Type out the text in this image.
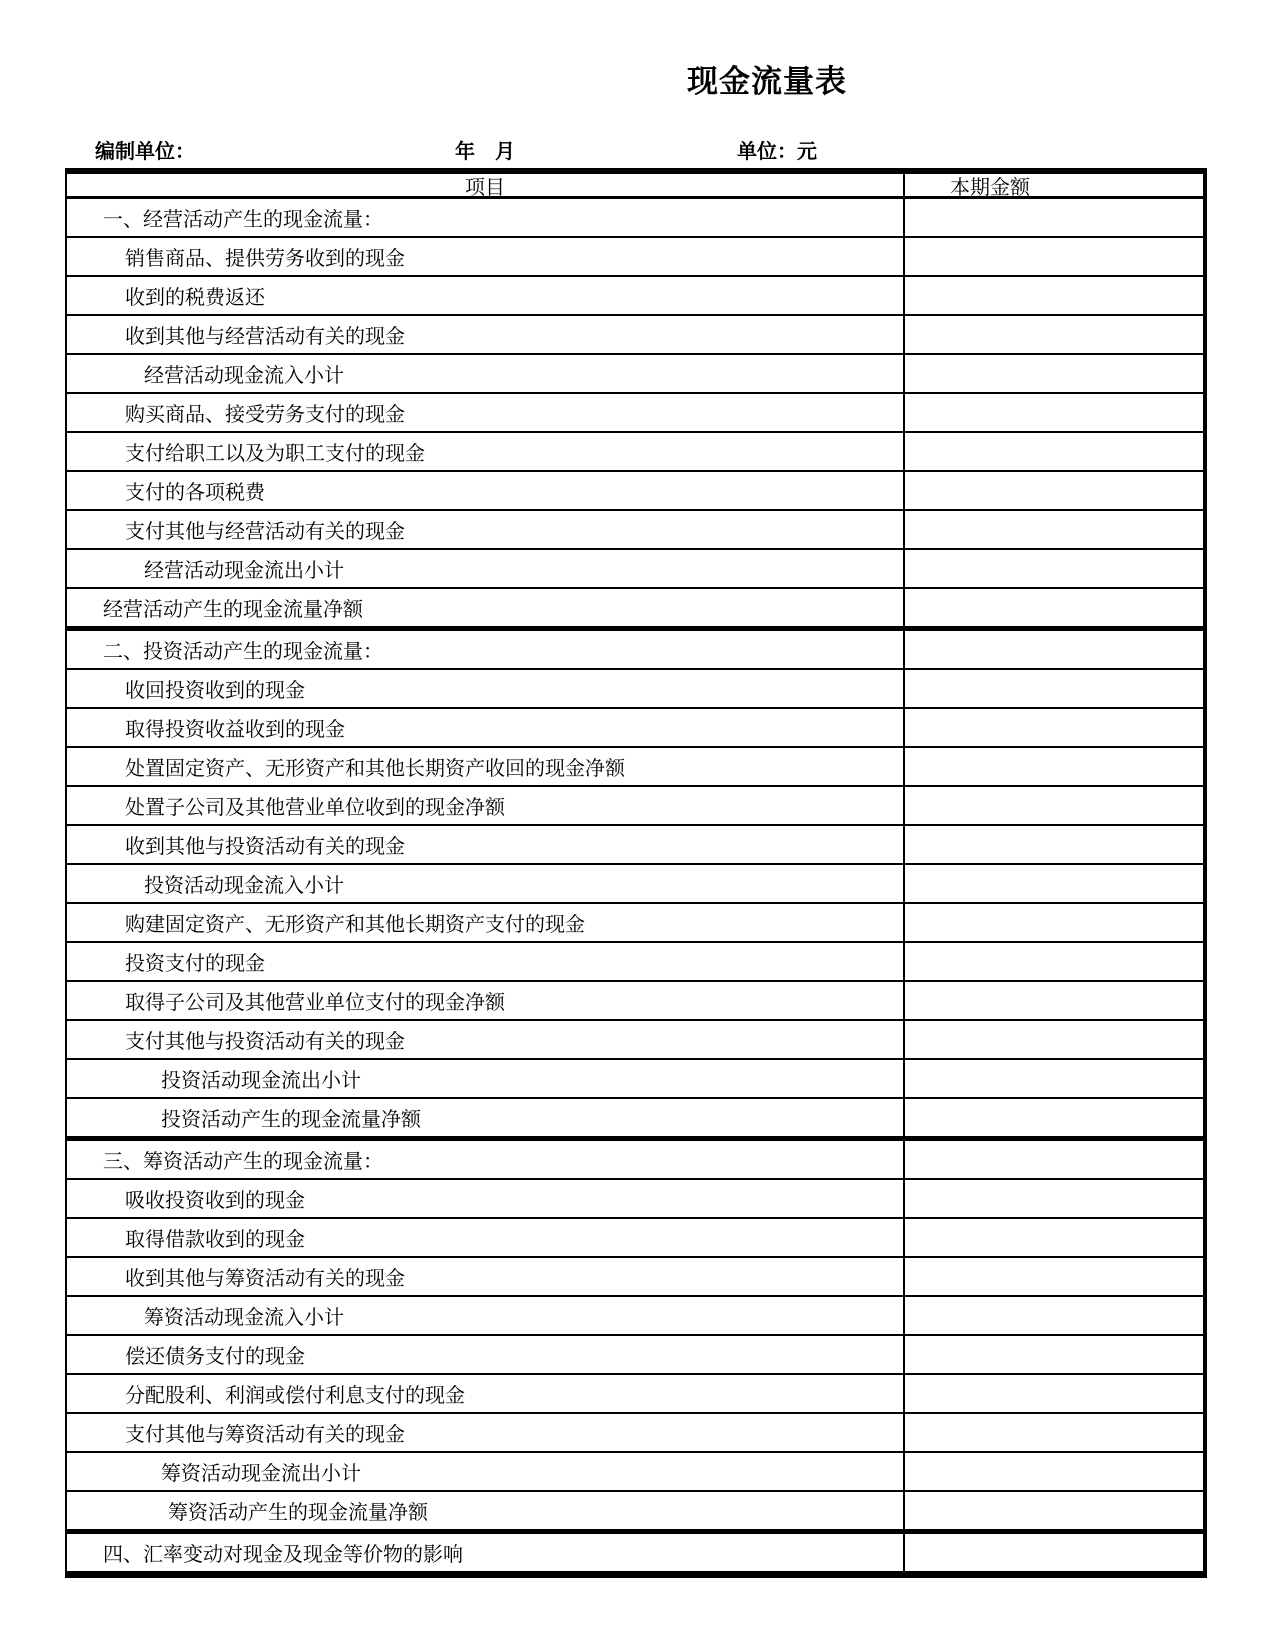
现金流量表
编制单位：	年　月	单位：元
项目	本期金额
一、经营活动产生的现金流量：
销售商品、提供劳务收到的现金
收到的税费返还
收到其他与经营活动有关的现金
经营活动现金流入小计
购买商品、接受劳务支付的现金
支付给职工以及为职工支付的现金
支付的各项税费
支付其他与经营活动有关的现金
经营活动现金流出小计
经营活动产生的现金流量净额
二、投资活动产生的现金流量：
收回投资收到的现金
取得投资收益收到的现金
处置固定资产、无形资产和其他长期资产收回的现金净额
处置子公司及其他营业单位收到的现金净额
收到其他与投资活动有关的现金
投资活动现金流入小计
购建固定资产、无形资产和其他长期资产支付的现金
投资支付的现金
取得子公司及其他营业单位支付的现金净额
支付其他与投资活动有关的现金
投资活动现金流出小计
投资活动产生的现金流量净额
三、筹资活动产生的现金流量：
吸收投资收到的现金
取得借款收到的现金
收到其他与筹资活动有关的现金
筹资活动现金流入小计
偿还债务支付的现金
分配股利、利润或偿付利息支付的现金
支付其他与筹资活动有关的现金
筹资活动现金流出小计
筹资活动产生的现金流量净额
四、汇率变动对现金及现金等价物的影响
